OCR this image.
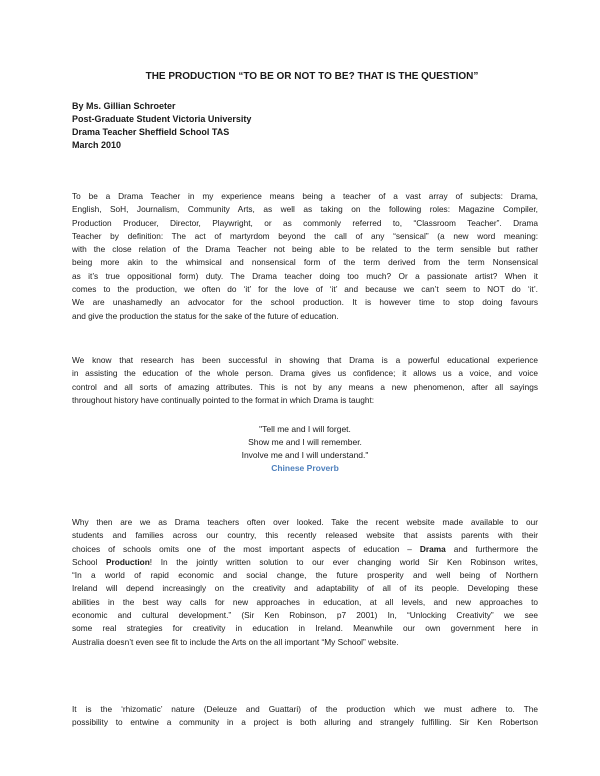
THE PRODUCTION “TO BE OR NOT TO BE? THAT IS THE QUESTION”
By Ms. Gillian Schroeter
Post-Graduate Student Victoria University
Drama Teacher Sheffield School TAS
March 2010
To be a Drama Teacher in my experience means being a teacher of a vast array of subjects: Drama,
English, SoH, Journalism, Community Arts, as well as taking on the following roles: Magazine Compiler,
Production Producer, Director, Playwright, or as commonly referred to, “Classroom Teacher”. Drama
Teacher by definition: The act of martyrdom beyond the call of any “sensical” (a new word meaning:
with the close relation of the Drama Teacher not being able to be related to the term sensible but rather
being more akin to the whimsical and nonsensical form of the term derived from the term Nonsensical
as it’s true oppositional form) duty. The Drama teacher doing too much? Or a passionate artist? When it
comes to the production, we often do ‘it’ for the love of ‘it’ and because we can’t seem to NOT do ‘it’.
We are unashamedly an advocator for the school production. It is however time to stop doing favours
and give the production the status for the sake of the future of education.
We know that research has been successful in showing that Drama is a powerful educational experience
in assisting the education of the whole person. Drama gives us confidence; it allows us a voice, and voice
control and all sorts of amazing attributes. This is not by any means a new phenomenon, after all sayings
throughout history have continually pointed to the format in which Drama is taught:
"Tell me and I will forget.
Show me and I will remember.
Involve me and I will understand."
Chinese Proverb
Why then are we as Drama teachers often over looked. Take the recent website made available to our
students and families across our country, this recently released website that assists parents with their
choices of schools omits one of the most important aspects of education – Drama and furthermore the
School Production! In the jointly written solution to our ever changing world Sir Ken Robinson writes,
“In a world of rapid economic and social change, the future prosperity and well being of Northern
Ireland will depend increasingly on the creativity and adaptability of all of its people. Developing these
abilities in the best way calls for new approaches in education, at all levels, and new approaches to
economic and cultural development.” (Sir Ken Robinson, p7 2001) In, “Unlocking Creativity” we see
some real strategies for creativity in education in Ireland. Meanwhile our own government here in
Australia doesn’t even see fit to include the Arts on the all important “My School” website.
It is the ‘rhizomatic’ nature (Deleuze and Guattari) of the production which we must adhere to. The
possibility to entwine a community in a project is both alluring and strangely fulfilling. Sir Ken Robertson
